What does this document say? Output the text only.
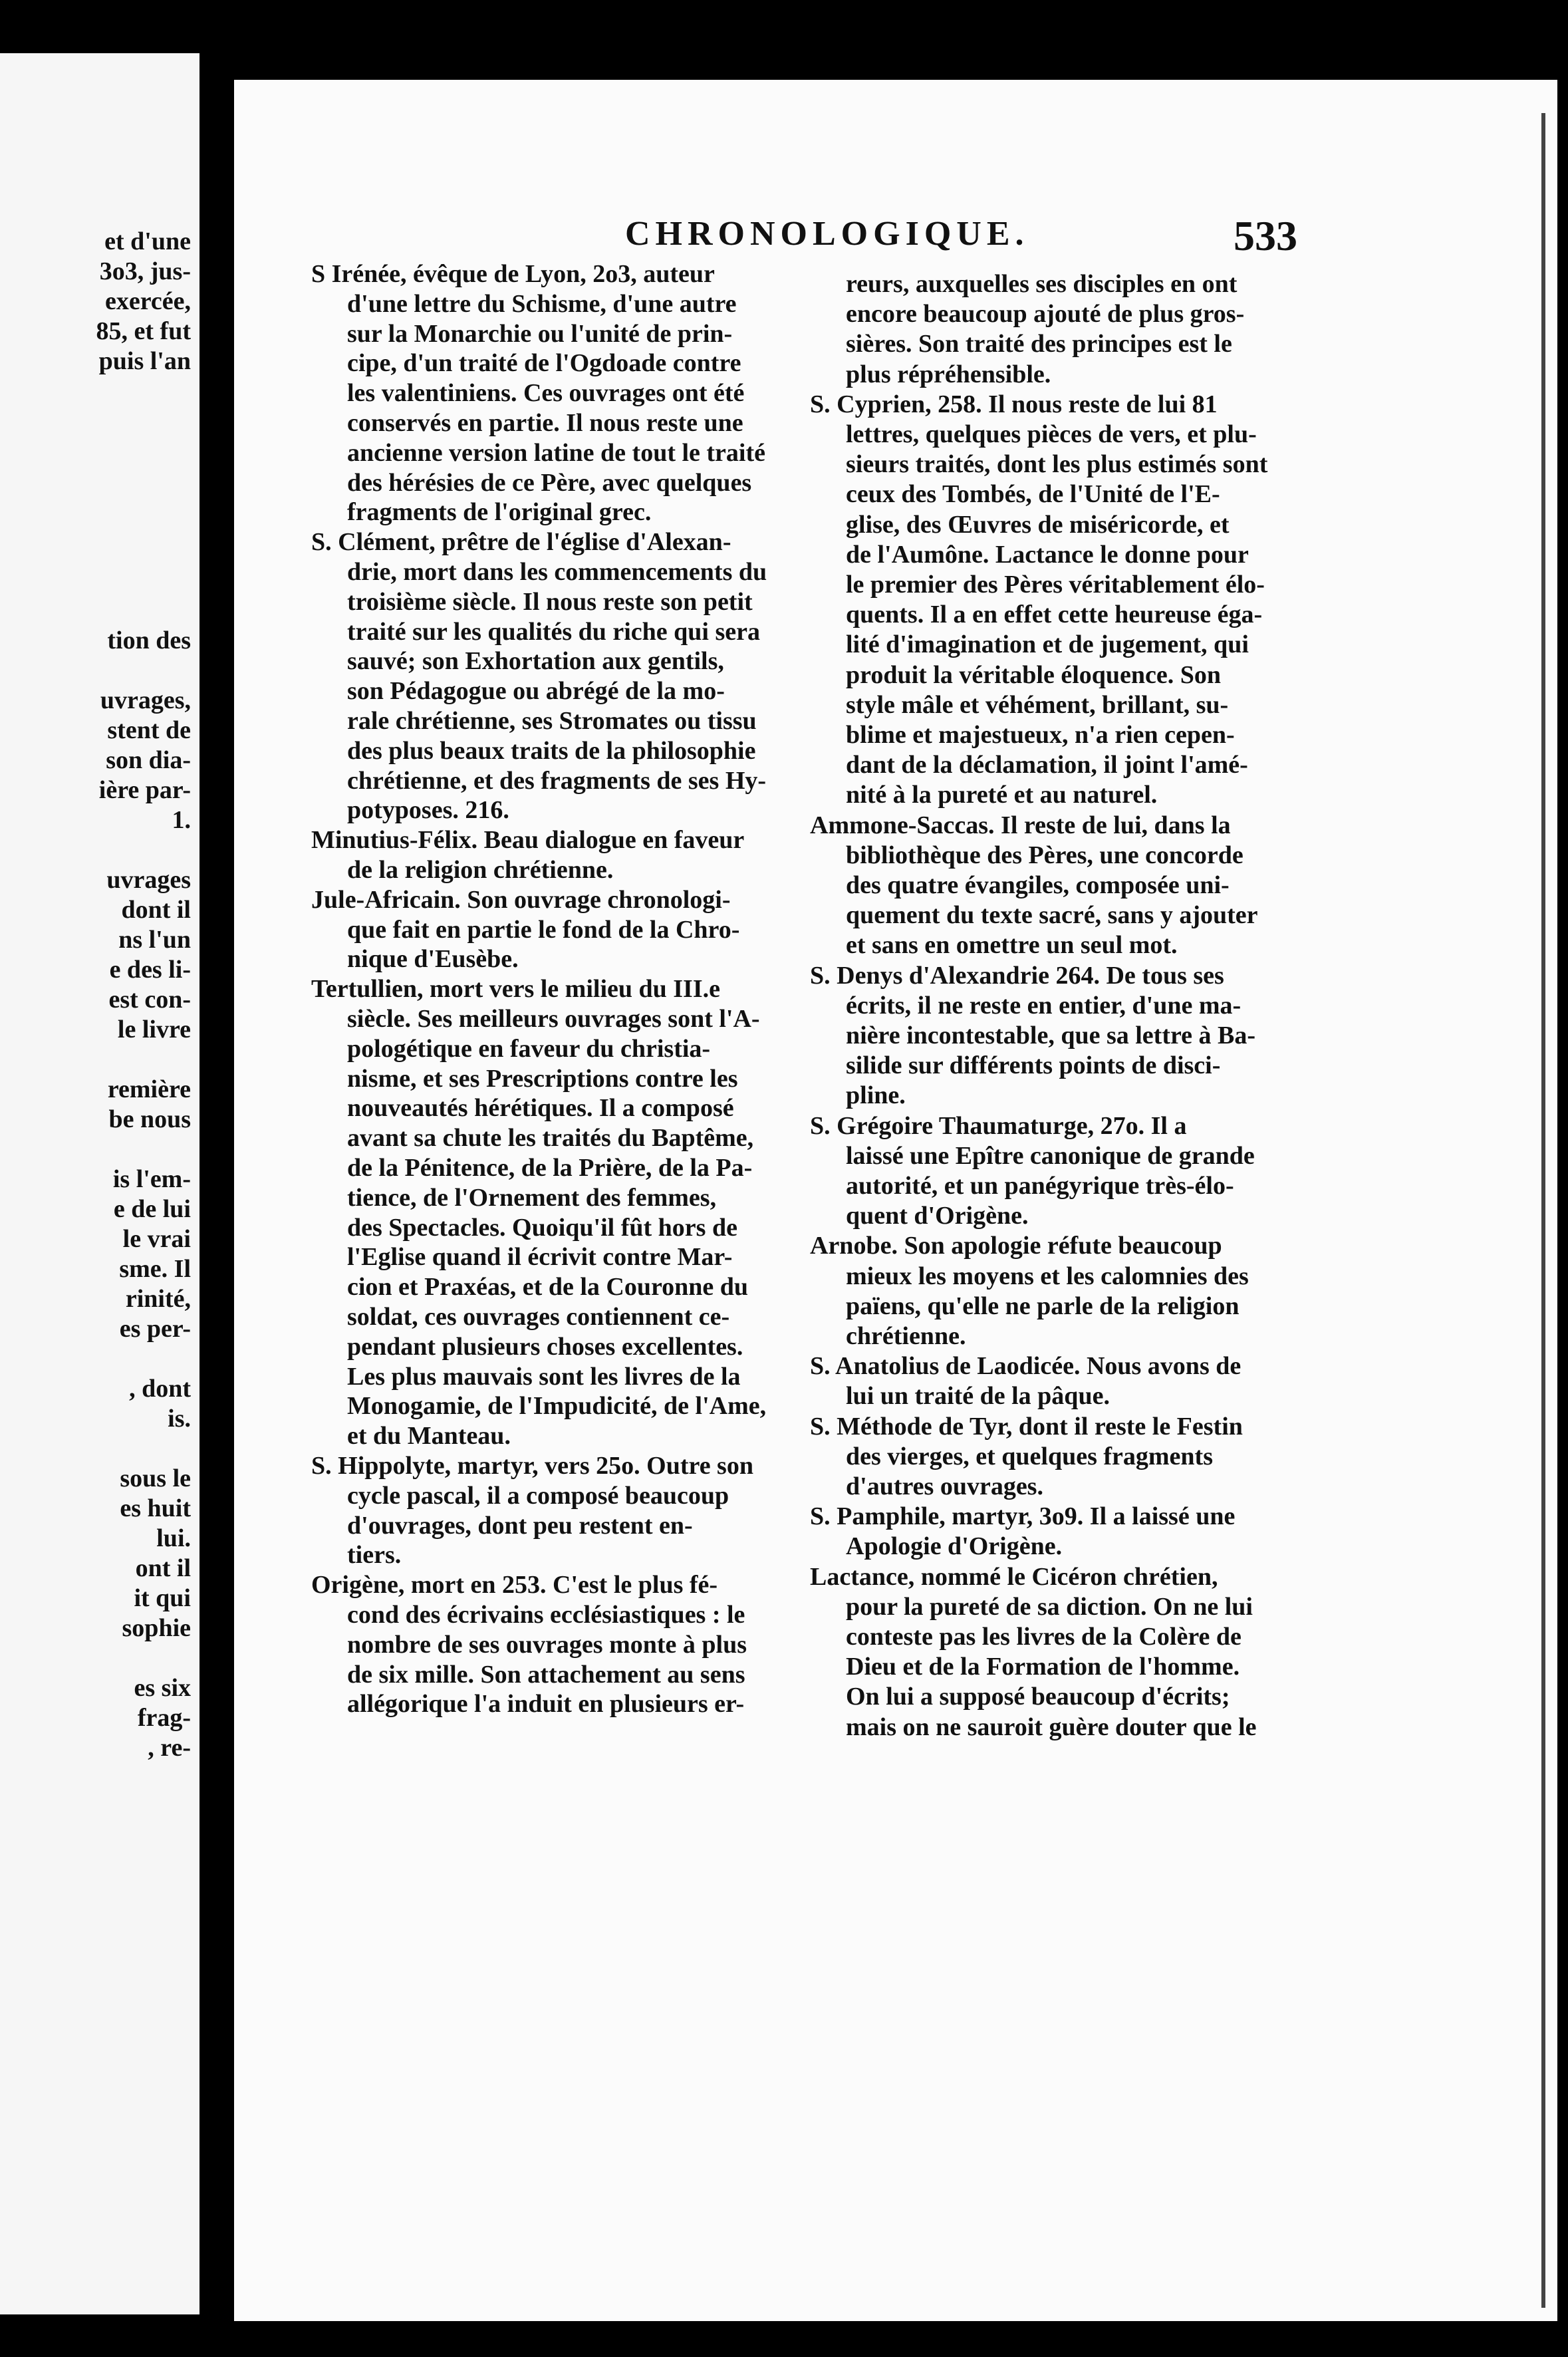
et d'une
3o3, jus-
exercée,
85, et fut
puis l'an
tion des
uvrages,
stent de
son dia-
ière par-
1.
uvrages
dont il
ns l'un
e des li-
est con-
le livre
remière
be nous
is l'em-
e de lui
le vrai
sme. Il
rinité,
es per-
, dont
is.
sous le
es huit
lui.
ont il
it qui
sophie
es six
frag-
, re-
CHRONOLOGIQUE.	533
S Irénée, évêque de Lyon, 2o3, auteur
d'une lettre du Schisme, d'une autre
sur la Monarchie ou l'unité de prin-
cipe, d'un traité de l'Ogdoade contre
les valentiniens. Ces ouvrages ont été
conservés en partie. Il nous reste une
ancienne version latine de tout le traité
des hérésies de ce Père, avec quelques
fragments de l'original grec.
S. Clément, prêtre de l'église d'Alexan-
drie, mort dans les commencements du
troisième siècle. Il nous reste son petit
traité sur les qualités du riche qui sera
sauvé; son Exhortation aux gentils,
son Pédagogue ou abrégé de la mo-
rale chrétienne, ses Stromates ou tissu
des plus beaux traits de la philosophie
chrétienne, et des fragments de ses Hy-
potyposes. 216.
Minutius-Félix. Beau dialogue en faveur
de la religion chrétienne.
Jule-Africain. Son ouvrage chronologi-
que fait en partie le fond de la Chro-
nique d'Eusèbe.
Tertullien, mort vers le milieu du III.e
siècle. Ses meilleurs ouvrages sont l'A-
pologétique en faveur du christia-
nisme, et ses Prescriptions contre les
nouveautés hérétiques. Il a composé
avant sa chute les traités du Baptême,
de la Pénitence, de la Prière, de la Pa-
tience, de l'Ornement des femmes,
des Spectacles. Quoiqu'il fût hors de
l'Eglise quand il écrivit contre Mar-
cion et Praxéas, et de la Couronne du
soldat, ces ouvrages contiennent ce-
pendant plusieurs choses excellentes.
Les plus mauvais sont les livres de la
Monogamie, de l'Impudicité, de l'Ame,
et du Manteau.
S. Hippolyte, martyr, vers 25o. Outre son
cycle pascal, il a composé beaucoup
d'ouvrages, dont peu restent en-
tiers.
Origène, mort en 253. C'est le plus fé-
cond des écrivains ecclésiastiques : le
nombre de ses ouvrages monte à plus
de six mille. Son attachement au sens
allégorique l'a induit en plusieurs er-
reurs, auxquelles ses disciples en ont
encore beaucoup ajouté de plus gros-
sières. Son traité des principes est le
plus répréhensible.
S. Cyprien, 258. Il nous reste de lui 81
lettres, quelques pièces de vers, et plu-
sieurs traités, dont les plus estimés sont
ceux des Tombés, de l'Unité de l'E-
glise, des Œuvres de miséricorde, et
de l'Aumône. Lactance le donne pour
le premier des Pères véritablement élo-
quents. Il a en effet cette heureuse éga-
lité d'imagination et de jugement, qui
produit la véritable éloquence. Son
style mâle et véhément, brillant, su-
blime et majestueux, n'a rien cepen-
dant de la déclamation, il joint l'amé-
nité à la pureté et au naturel.
Ammone-Saccas. Il reste de lui, dans la
bibliothèque des Pères, une concorde
des quatre évangiles, composée uni-
quement du texte sacré, sans y ajouter
et sans en omettre un seul mot.
S. Denys d'Alexandrie 264. De tous ses
écrits, il ne reste en entier, d'une ma-
nière incontestable, que sa lettre à Ba-
silide sur différents points de disci-
pline.
S. Grégoire Thaumaturge, 27o. Il a
laissé une Epître canonique de grande
autorité, et un panégyrique très-élo-
quent d'Origène.
Arnobe. Son apologie réfute beaucoup
mieux les moyens et les calomnies des
païens, qu'elle ne parle de la religion
chrétienne.
S. Anatolius de Laodicée. Nous avons de
lui un traité de la pâque.
S. Méthode de Tyr, dont il reste le Festin
des vierges, et quelques fragments
d'autres ouvrages.
S. Pamphile, martyr, 3o9. Il a laissé une
Apologie d'Origène.
Lactance, nommé le Cicéron chrétien,
pour la pureté de sa diction. On ne lui
conteste pas les livres de la Colère de
Dieu et de la Formation de l'homme.
On lui a supposé beaucoup d'écrits;
mais on ne sauroit guère douter que le
